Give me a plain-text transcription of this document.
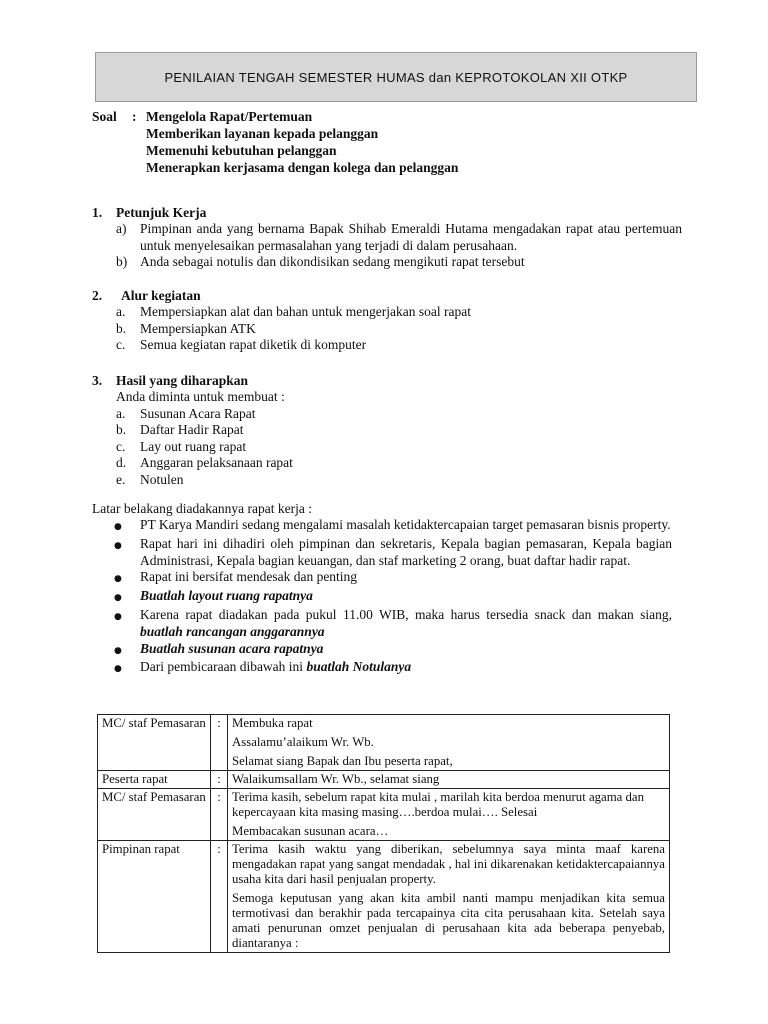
PENILAIAN TENGAH SEMESTER HUMAS dan KEPROTOKOLAN XII OTKP
Soal	: Mengelola Rapat/Pertemuan
Memberikan layanan kepada pelanggan
Memenuhi kebutuhan pelanggan
Menerapkan kerjasama dengan kolega dan pelanggan
1.	Petunjuk Kerja
a)	Pimpinan anda yang bernama Bapak Shihab Emeraldi Hutama mengadakan rapat atau pertemuan untuk menyelesaikan permasalahan yang terjadi di dalam perusahaan.
b) Anda sebagai notulis dan dikondisikan sedang mengikuti rapat tersebut
2.	Alur kegiatan
a.	Mempersiapkan alat dan bahan untuk mengerjakan soal rapat
b.	Mempersiapkan ATK
c.	Semua kegiatan rapat diketik di komputer
3.	Hasil yang diharapkan
Anda diminta untuk membuat :
a.	Susunan Acara Rapat
b.	Daftar Hadir Rapat
c.	Lay out ruang rapat
d.	Anggaran pelaksanaan rapat
e.	Notulen
Latar belakang diadakannya rapat kerja :
●	PT Karya Mandiri sedang mengalami masalah ketidaktercapaian target pemasaran bisnis property.
●	Rapat hari ini dihadiri oleh pimpinan dan sekretaris, Kepala bagian pemasaran, Kepala bagian Administrasi, Kepala bagian keuangan, dan staf marketing 2 orang, buat daftar hadir rapat.
●	Rapat ini bersifat mendesak dan penting
●	Buatlah layout ruang rapatnya
●	Karena rapat diadakan pada pukul 11.00 WIB, maka harus tersedia snack dan makan siang, buatlah rancangan anggarannya
●	Buatlah susunan acara rapatnya
●	Dari pembicaraan dibawah ini buatlah Notulanya
MC/ staf Pemasaran	:	Membuka rapat
Assalamu’alaikum Wr. Wb.
Selamat siang Bapak dan Ibu peserta rapat,

Peserta rapat	:	Walaikumsallam Wr. Wb., selamat siang

MC/ staf Pemasaran	:	Terima kasih, sebelum rapat kita mulai , marilah kita berdoa menurut agama dan kepercayaan kita masing masing….berdoa mulai…. Selesai
Membacakan susunan acara…

Pimpinan rapat	:	Terima kasih waktu yang diberikan, sebelumnya saya minta maaf karena mengadakan rapat yang sangat mendadak , hal ini dikarenakan ketidaktercapaiannya usaha kita dari hasil penjualan property.
Semoga keputusan yang akan kita ambil nanti mampu menjadikan kita semua termotivasi dan berakhir pada tercapainya cita cita perusahaan kita. Setelah saya amati penurunan omzet penjualan di perusahaan kita ada beberapa penyebab, diantaranya :
